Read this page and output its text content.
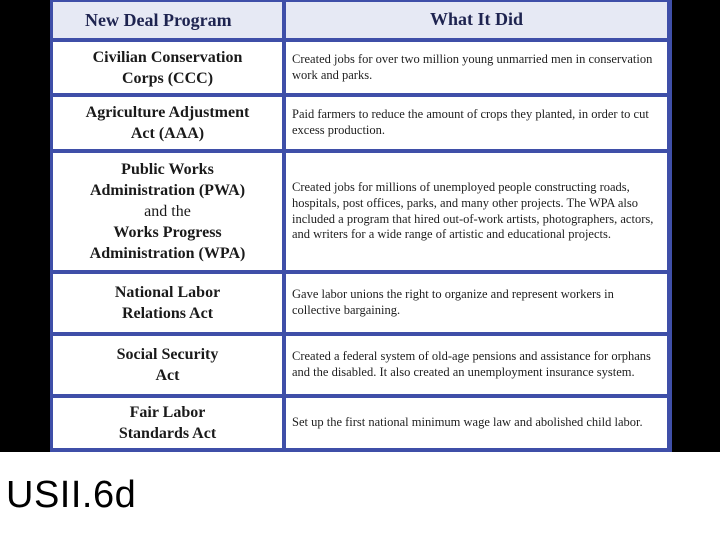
New Deal Program	What It Did
Civilian Conservation
Corps (CCC)
Created jobs for over two million young unmarried men in conservation work and parks.
Agriculture Adjustment
Act (AAA)
Paid farmers to reduce the amount of crops they planted, in order to cut excess production.
Public Works
Administration (PWA)
and the
Works Progress
Administration (WPA)
Created jobs for millions of unemployed people constructing roads, hospitals, post offices, parks, and many other projects. The WPA also included a program that hired out-of-work artists, photographers, actors, and writers for a wide range of artistic and educational projects.
National Labor
Relations Act
Gave labor unions the right to organize and represent workers in collective bargaining.
Social Security
Act
Created a federal system of old-age pensions and assistance for orphans and the disabled. It also created an unemployment insurance system.
Fair Labor
Standards Act
Set up the first national minimum wage law and abolished child labor.
USII.6d
